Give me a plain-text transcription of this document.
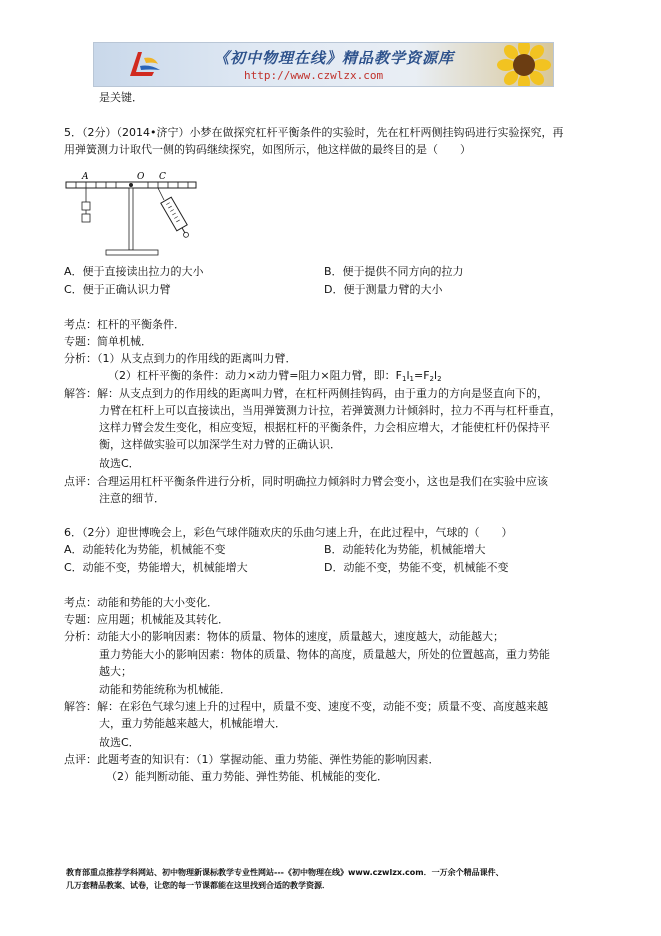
《初中物理在线》精品教学资源库
http://www.czwlzx.com
是关键．
5．（2分）（2014•济宁）小梦在做探究杠杆平衡条件的实验时，先在杠杆两侧挂钩码进行实验探究，再
用弹簧测力计取代一侧的钩码继续探究，如图所示，他这样做的最终目的是（　　）
A	O C
A．便于直接读出拉力的大小	B．便于提供不同方向的拉力
C．便于正确认识力臂	D．便于测量力臂的大小
考点：杠杆的平衡条件．
专题：简单机械．
分析：（1）从支点到力的作用线的距离叫力臂．
（2）杠杆平衡的条件：动力×动力臂=阻力×阻力臂，即：$F_1l_1=F_2l_2$
解答：解：从支点到力的作用线的距离叫力臂，在杠杆两侧挂钩码，由于重力的方向是竖直向下的，
力臂在杠杆上可以直接读出，当用弹簧测力计拉，若弹簧测力计倾斜时，拉力不再与杠杆垂直，
这样力臂会发生变化，相应变短，根据杠杆的平衡条件，力会相应增大，才能使杠杆仍保持平
衡，这样做实验可以加深学生对力臂的正确认识．
故选C．
点评：合理运用杠杆平衡条件进行分析，同时明确拉力倾斜时力臂会变小，这也是我们在实验中应该
注意的细节．
6．（2分）迎世博晚会上，彩色气球伴随欢庆的乐曲匀速上升，在此过程中，气球的（　　）
A．动能转化为势能，机械能不变	B．动能转化为势能，机械能增大
C．动能不变，势能增大，机械能增大	D．动能不变，势能不变，机械能不变
考点：动能和势能的大小变化．
专题：应用题；机械能及其转化．
分析：动能大小的影响因素：物体的质量、物体的速度，质量越大，速度越大，动能越大；
重力势能大小的影响因素：物体的质量、物体的高度，质量越大，所处的位置越高，重力势能
越大；
动能和势能统称为机械能．
解答：解：在彩色气球匀速上升的过程中，质量不变、速度不变，动能不变；质量不变、高度越来越
大，重力势能越来越大，机械能增大．
故选C．
点评：此题考查的知识有：（1）掌握动能、重力势能、弹性势能的影响因素．
（2）能判断动能、重力势能、弹性势能、机械能的变化．
教育部重点推荐学科网站、初中物理新课标教学专业性网站---《初中物理在线》www.czwlzx.com．一万余个精品课件、
几万套精品教案、试卷，让您的每一节课都能在这里找到合适的教学资源．
